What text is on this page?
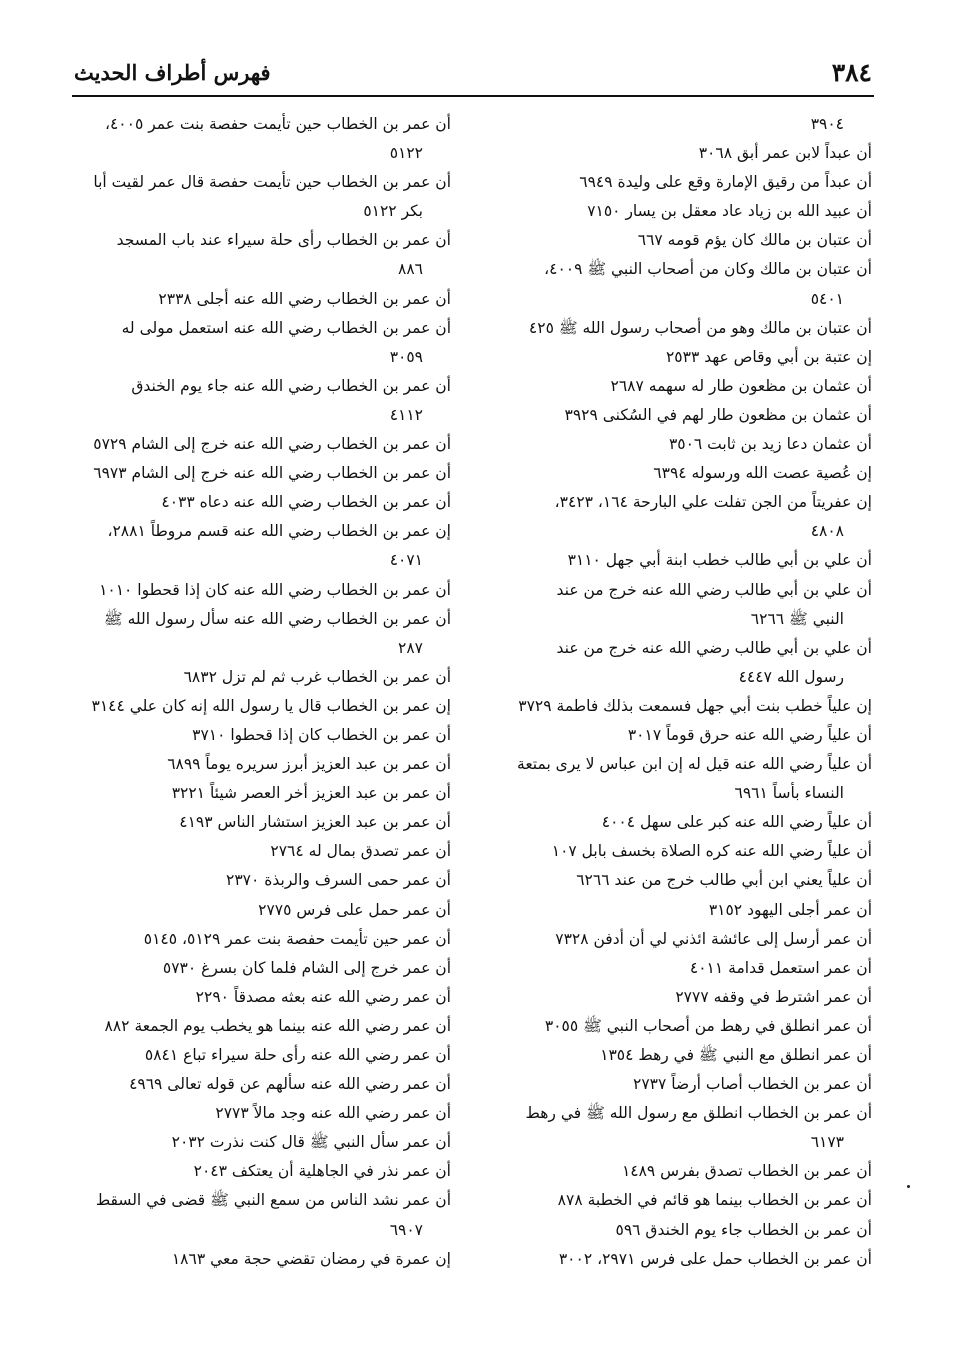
٣٨٤
فهرس أطراف الحديث
٣٩٠٤
أن عبداً لابن عمر أبق ٣٠٦٨
أن عبداً من رقيق الإمارة وقع على وليدة ٦٩٤٩
أن عبيد الله بن زياد عاد معقل بن يسار ٧١٥٠
أن عتبان بن مالك كان يؤم قومه ٦٦٧
أن عتبان بن مالك وكان من أصحاب النبي ﷺ ٤٠٠٩،
٥٤٠١
أن عتبان بن مالك وهو من أصحاب رسول الله ﷺ ٤٢٥
إن عتبة بن أبي وقاص عهد ٢٥٣٣
أن عثمان بن مظعون طار له سهمه ٢٦٨٧
أن عثمان بن مظعون طار لهم في السُكنى ٣٩٢٩
أن عثمان دعا زيد بن ثابت ٣٥٠٦
إن عُصية عصت الله ورسوله ٦٣٩٤
إن عفريتاً من الجن تفلت علي البارحة ١٦٤، ٣٤٢٣،
٤٨٠٨
أن علي بن أبي طالب خطب ابنة أبي جهل ٣١١٠
أن علي بن أبي طالب رضي الله عنه خرج من عند
النبي ﷺ ٦٢٦٦
أن علي بن أبي طالب رضي الله عنه خرج من عند
رسول الله ٤٤٤٧
إن علياً خطب بنت أبي جهل فسمعت بذلك فاطمة ٣٧٢٩
أن علياً رضي الله عنه حرق قوماً ٣٠١٧
أن علياً رضي الله عنه قيل له إن ابن عباس لا يرى بمتعة
النساء بأساً ٦٩٦١
أن علياً رضي الله عنه كبر على سهل ٤٠٠٤
أن علياً رضي الله عنه كره الصلاة بخسف بابل ١٠٧
أن علياً يعني ابن أبي طالب خرج من عند ٦٢٦٦
أن عمر أجلى اليهود ٣١٥٢
أن عمر أرسل إلى عائشة ائذني لي أن أدفن ٧٣٢٨
أن عمر استعمل قدامة ٤٠١١
أن عمر اشترط في وقفه ٢٧٧٧
أن عمر انطلق في رهط من أصحاب النبي ﷺ ٣٠٥٥
أن عمر انطلق مع النبي ﷺ في رهط ١٣٥٤
أن عمر بن الخطاب أصاب أرضاً ٢٧٣٧
أن عمر بن الخطاب انطلق مع رسول الله ﷺ في رهط
٦١٧٣
أن عمر بن الخطاب تصدق بفرس ١٤٨٩
أن عمر بن الخطاب بينما هو قائم في الخطبة ٨٧٨
أن عمر بن الخطاب جاء يوم الخندق ٥٩٦
أن عمر بن الخطاب حمل على فرس ٢٩٧١، ٣٠٠٢
أن عمر بن الخطاب حين تأيمت حفصة بنت عمر ٤٠٠٥،
٥١٢٢
أن عمر بن الخطاب حين تأيمت حفصة قال عمر لقيت أبا
بكر ٥١٢٢
أن عمر بن الخطاب رأى حلة سيراء عند باب المسجد
٨٨٦
أن عمر بن الخطاب رضي الله عنه أجلى ٢٣٣٨
أن عمر بن الخطاب رضي الله عنه استعمل مولى له
٣٠٥٩
أن عمر بن الخطاب رضي الله عنه جاء يوم الخندق
٤١١٢
أن عمر بن الخطاب رضي الله عنه خرج إلى الشام ٥٧٢٩
أن عمر بن الخطاب رضي الله عنه خرج إلى الشام ٦٩٧٣
أن عمر بن الخطاب رضي الله عنه دعاه ٤٠٣٣
إن عمر بن الخطاب رضي الله عنه قسم مروطاً ٢٨٨١،
٤٠٧١
أن عمر بن الخطاب رضي الله عنه كان إذا قحطوا ١٠١٠
أن عمر بن الخطاب رضي الله عنه سأل رسول الله ﷺ
٢٨٧
أن عمر بن الخطاب غرب ثم لم تزل ٦٨٣٢
إن عمر بن الخطاب قال يا رسول الله إنه كان علي ٣١٤٤
أن عمر بن الخطاب كان إذا قحطوا ٣٧١٠
أن عمر بن عبد العزيز أبرز سريره يوماً ٦٨٩٩
أن عمر بن عبد العزيز أخر العصر شيئاً ٣٢٢١
أن عمر بن عبد العزيز استشار الناس ٤١٩٣
أن عمر تصدق بمال له ٢٧٦٤
أن عمر حمى السرف والربذة ٢٣٧٠
أن عمر حمل على فرس ٢٧٧٥
أن عمر حين تأيمت حفصة بنت عمر ٥١٢٩، ٥١٤٥
أن عمر خرج إلى الشام فلما كان بسرغ ٥٧٣٠
أن عمر رضي الله عنه بعثه مصدقاً ٢٢٩٠
أن عمر رضي الله عنه بينما هو يخطب يوم الجمعة ٨٨٢
أن عمر رضي الله عنه رأى حلة سيراء تباع ٥٨٤١
أن عمر رضي الله عنه سألهم عن قوله تعالى ٤٩٦٩
أن عمر رضي الله عنه وجد مالاً ٢٧٧٣
أن عمر سأل النبي ﷺ قال كنت نذرت ٢٠٣٢
أن عمر نذر في الجاهلية أن يعتكف ٢٠٤٣
أن عمر نشد الناس من سمع النبي ﷺ قضى في السقط
٦٩٠٧
إن عمرة في رمضان تقضي حجة معي ١٨٦٣
